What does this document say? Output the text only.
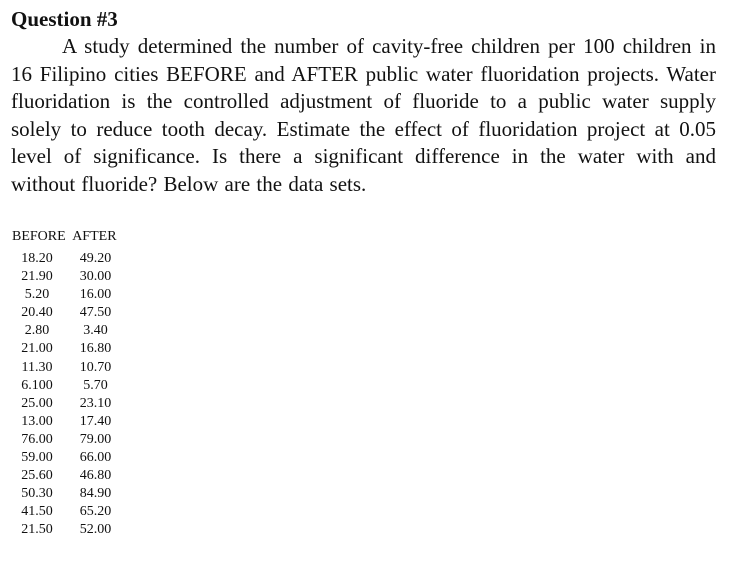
Question #3

A study determined the number of cavity-free children per 100 children in 16 Filipino cities BEFORE and AFTER public water fluoridation projects. Water fluoridation is the controlled adjustment of fluoride to a public water supply solely to reduce tooth decay. Estimate the effect of fluoridation project at 0.05 level of significance. Is there a significant difference in the water with and without fluoride? Below are the data sets.

BEFORE AFTER
18.20	49.20
21.90	30.00
5.20	16.00
20.40	47.50
2.80	3.40
21.00	16.80
11.30	10.70
6.100	5.70
25.00	23.10
13.00	17.40
76.00	79.00
59.00	66.00
25.60	46.80
50.30	84.90
41.50	65.20
21.50	52.00
